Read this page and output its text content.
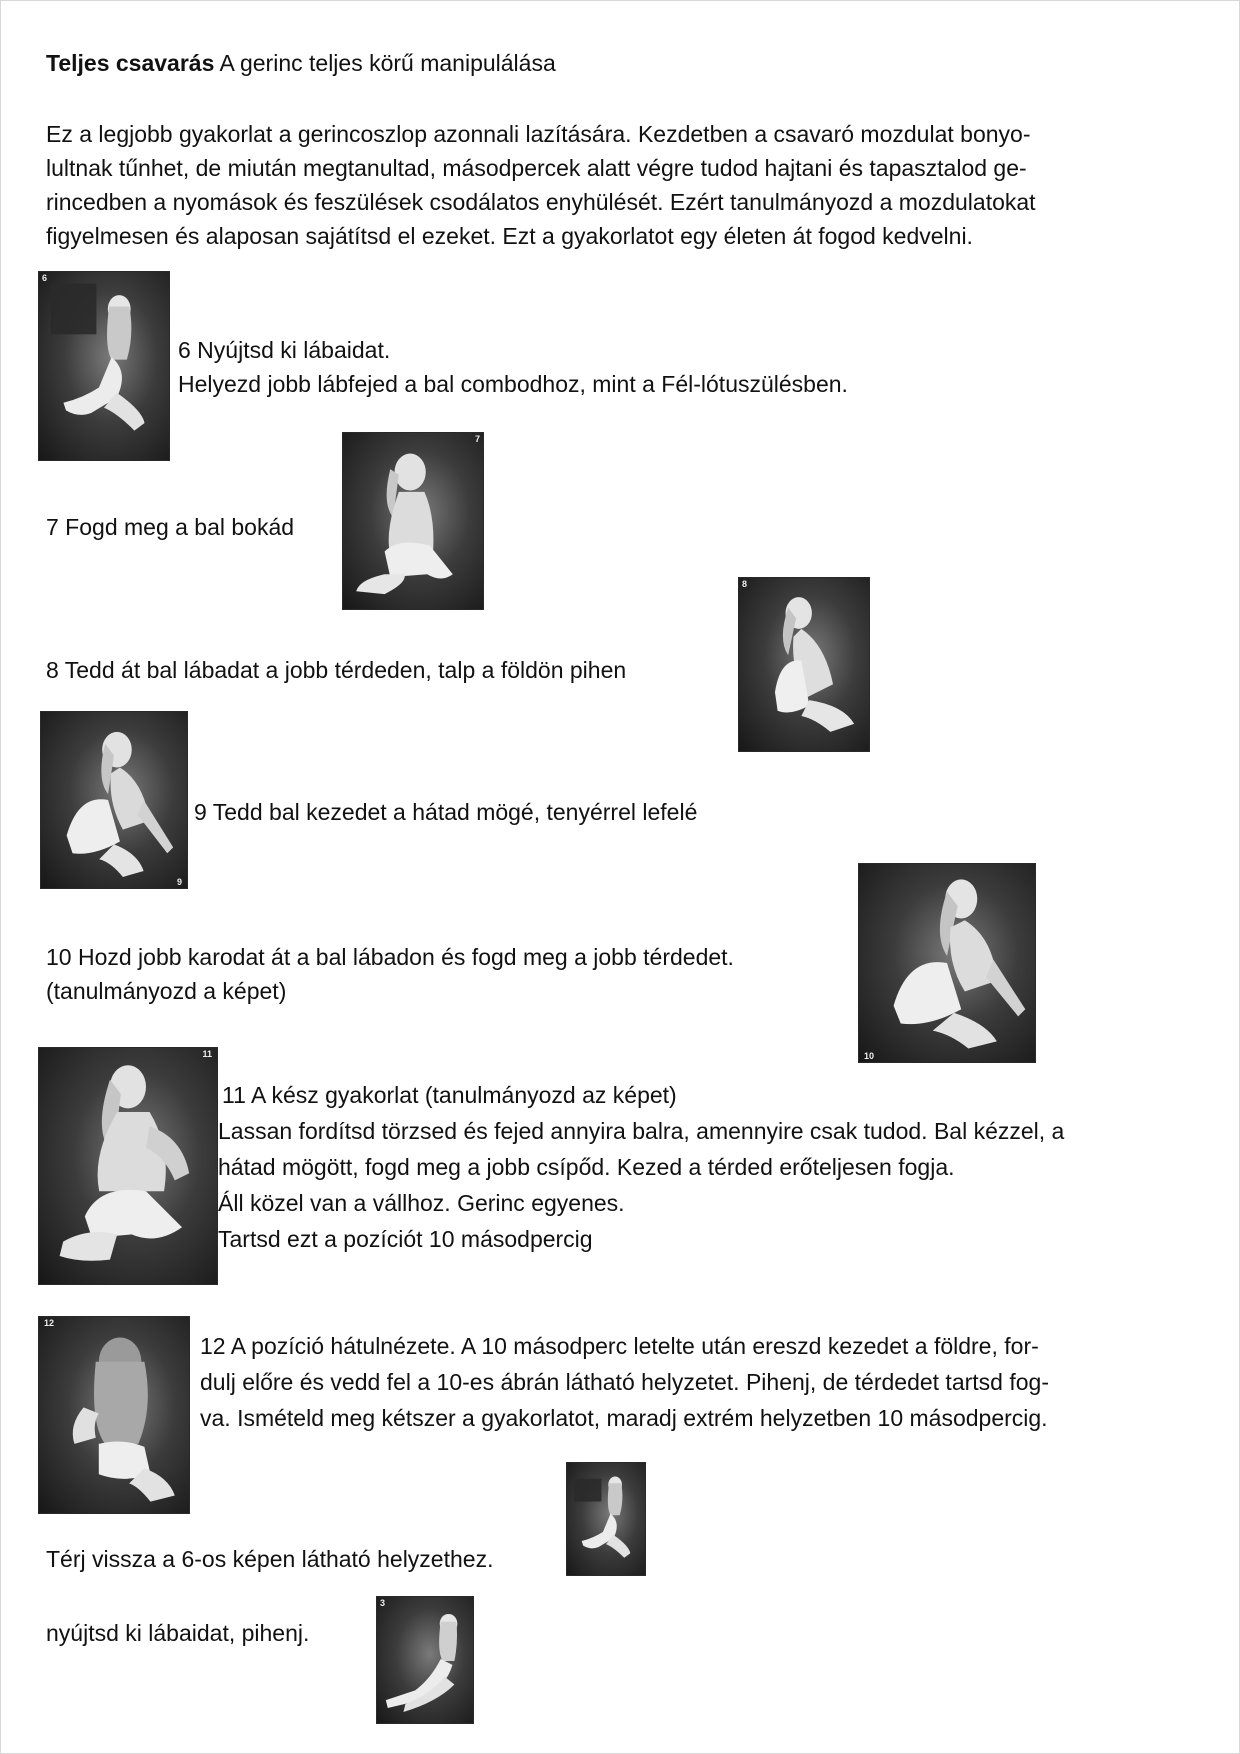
Teljes csavarás A gerinc teljes körű manipulálása
Ez a legjobb gyakorlat a gerincoszlop azonnali lazítására. Kezdetben a csavaró mozdulat bonyo-
lultnak tűnhet, de miután megtanultad, másodpercek alatt végre tudod hajtani és tapasztalod ge-
rincedben a nyomások és feszülések csodálatos enyhülését. Ezért tanulmányozd a mozdulatokat
figyelmesen és alaposan sajátítsd el ezeket. Ezt a gyakorlatot egy életen át fogod kedvelni.
6
6 Nyújtsd ki lábaidat.
Helyezd jobb lábfejed a bal combodhoz, mint a Fél-lótuszülésben.
7
7 Fogd meg a bal bokád
8
8 Tedd át bal lábadat a jobb térdeden, talp a földön pihen
9
9 Tedd bal kezedet a hátad mögé, tenyérrel lefelé
10
10 Hozd jobb karodat át a bal lábadon és fogd meg a jobb térdedet.
(tanulmányozd a képet)
11
11 A kész gyakorlat (tanulmányozd az képet)
Lassan fordítsd törzsed és fejed annyira balra, amennyire csak tudod. Bal kézzel, a
hátad mögött, fogd meg a jobb csípőd. Kezed a térded erőteljesen fogja.
Áll közel van a vállhoz. Gerinc egyenes.
Tartsd ezt a pozíciót 10 másodpercig
12
12 A pozíció hátulnézete. A 10 másodperc letelte után ereszd kezedet a földre, for-
dulj előre és vedd fel a 10-es ábrán látható helyzetet. Pihenj, de térdedet tartsd fog-
va. Ismételd meg kétszer a gyakorlatot, maradj extrém helyzetben 10 másodpercig.
Térj vissza a 6-os képen látható helyzethez.
3
nyújtsd ki lábaidat, pihenj.
